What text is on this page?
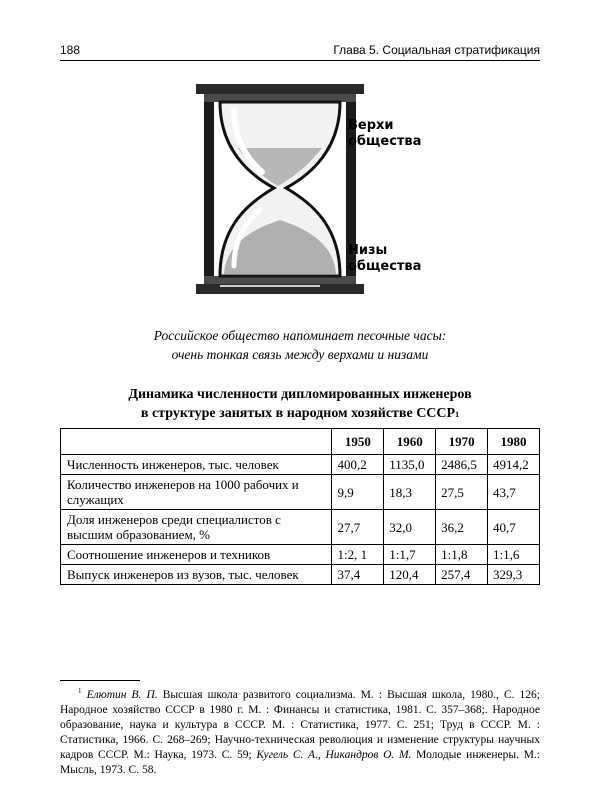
188	Глава 5. Социальная стратификация
Верхи
общества
Низы
общества
Российское общество напоминает песочные часы:
очень тонкая связь между верхами и низами
Динамика численности дипломированных инженеров
в структуре занятых в народном хозяйстве СССР$^1$
	1950	1960	1970	1980
Численность инженеров, тыс. человек	400,2	1135,0	2486,5	4914,2
Количество инженеров на 1000 рабочих и служащих	9,9	18,3	27,5	43,7
Доля инженеров среди специалистов с высшим образованием, %	27,7	32,0	36,2	40,7
Соотношение инженеров и техников	1:2, 1	1:1,7	1:1,8	1:1,6
Выпуск инженеров из вузов, тыс. человек	37,4	120,4	257,4	329,3
$^1$ Елютин В. П. Высшая школа развитого социализма. М. : Высшая школа, 1980., С. 126; Народное хозяйство СССР в 1980 г. М. : Финансы и статистика, 1981. С. 357–368;. Народное образование, наука и культура в СССР. М. : Статистика, 1977. С. 251; Труд в СССР. М. : Статистика, 1966. С. 268–269; Научно-техническая революция и изменение структуры научных кадров СССР. М.: Наука, 1973. С. 59; Кугель С. А., Никандров О. М. Молодые инженеры. М.: Мысль, 1973. С. 58.
